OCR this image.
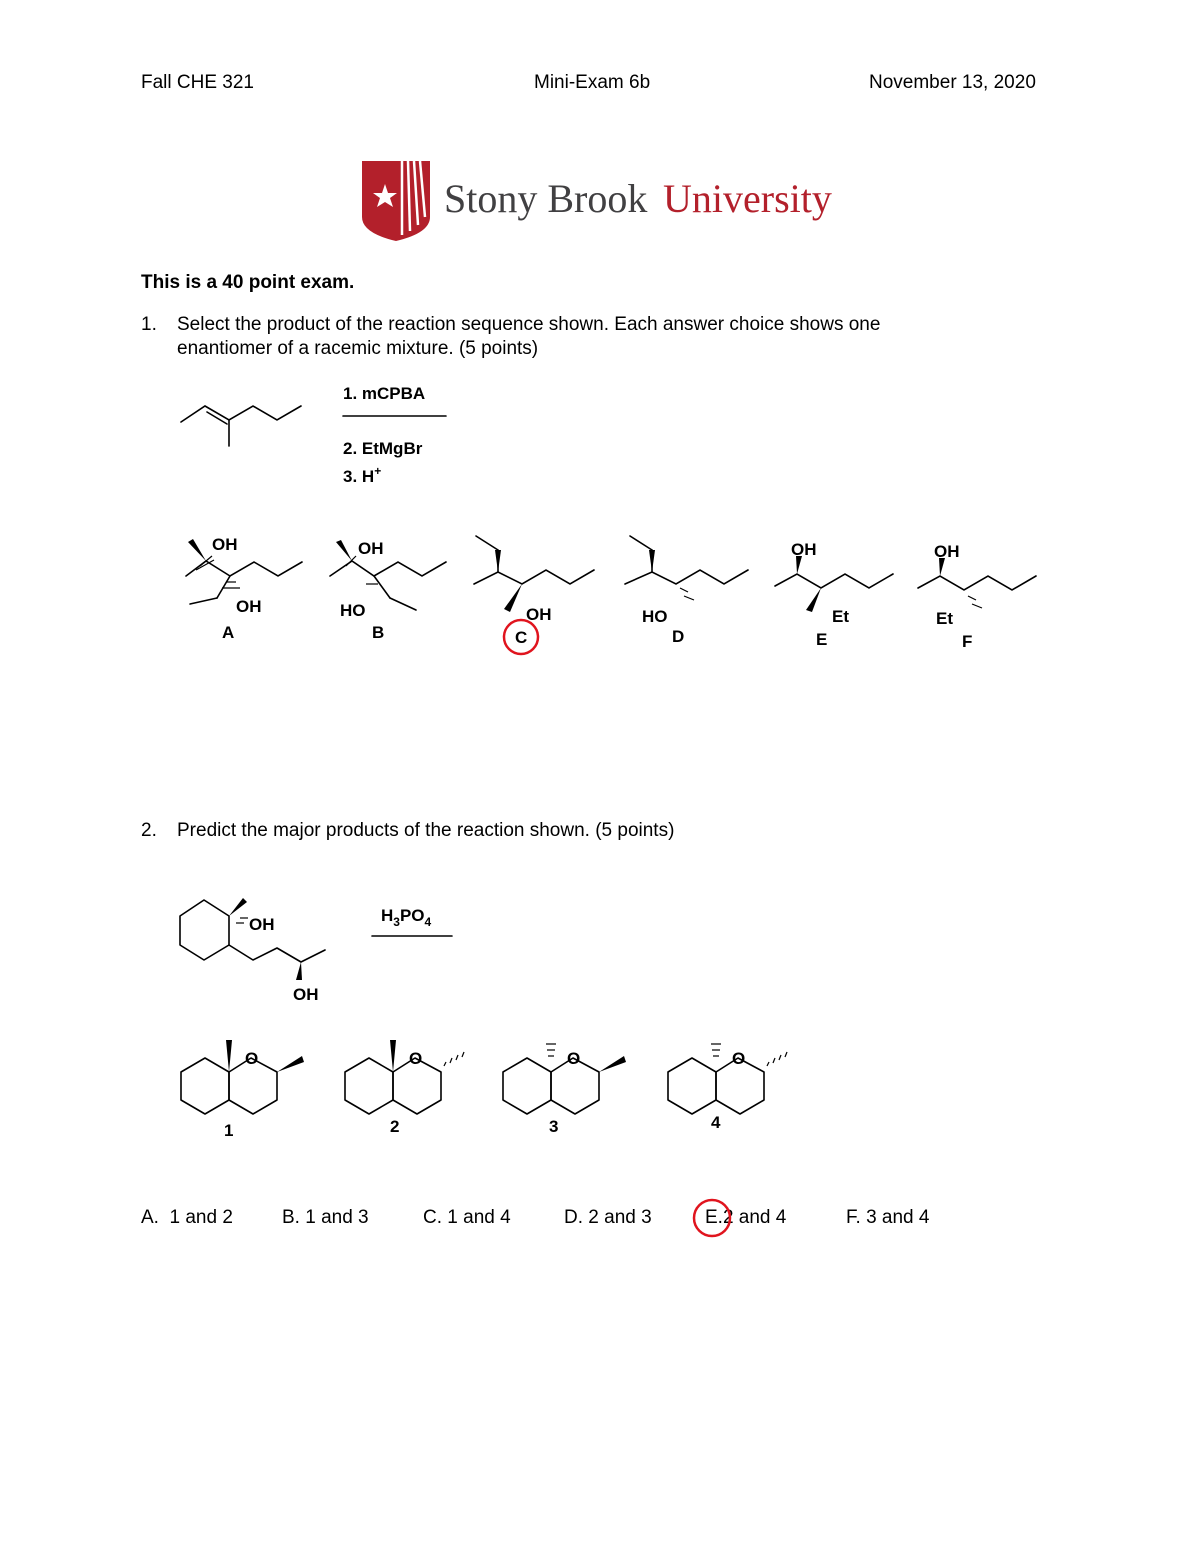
Fall CHE 321	Mini-Exam 6b	November 13, 2020
Stony Brook University
This is a 40 point exam.
1. Select the product of the reaction sequence shown. Each answer choice shows one
enantiomer of a racemic mixture. (5 points)
1. mCPBA
2. EtMgBr
3. H+
OH
OH
OH
HO	OH	HO
OH
Et
OH
Et
A	B	C	D	E	F
2. Predict the major products of the reaction shown. (5 points)
OH
OH
$H_3PO_4$
O	O	O	O
1	2	3	4
A. 1 and 2	B. 1 and 3	C. 1 and 4	D. 2 and 3	E.2 and 4	F. 3 and 4
